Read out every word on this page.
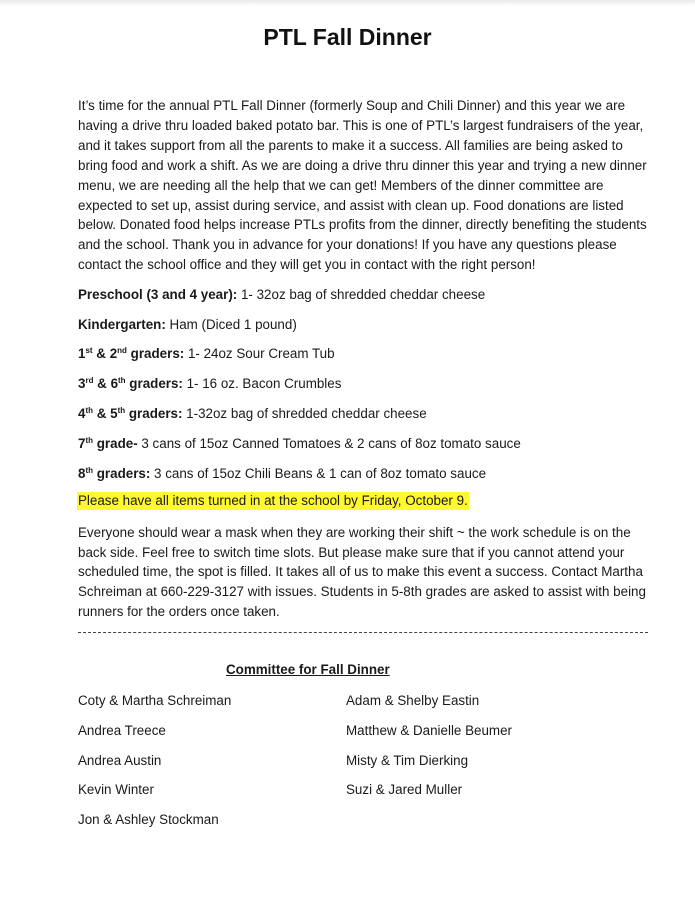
PTL Fall Dinner

It’s time for the annual PTL Fall Dinner (formerly Soup and Chili Dinner) and this year we are having a drive thru loaded baked potato bar. This is one of PTL’s largest fundraisers of the year, and it takes support from all the parents to make it a success. All families are being asked to bring food and work a shift. As we are doing a drive thru dinner this year and trying a new dinner menu, we are needing all the help that we can get! Members of the dinner committee are expected to set up, assist during service, and assist with clean up. Food donations are listed below. Donated food helps increase PTLs profits from the dinner, directly benefiting the students and the school. Thank you in advance for your donations! If you have any questions please contact the school office and they will get you in contact with the right person!

Preschool (3 and 4 year): 1- 32oz bag of shredded cheddar cheese
Kindergarten: Ham (Diced 1 pound)
1st & 2nd graders: 1- 24oz Sour Cream Tub
3rd & 6th graders: 1- 16 oz. Bacon Crumbles
4th & 5th graders: 1-32oz bag of shredded cheddar cheese
7th grade- 3 cans of 15oz Canned Tomatoes & 2 cans of 8oz tomato sauce
8th graders: 3 cans of 15oz Chili Beans & 1 can of 8oz tomato sauce
Please have all items turned in at the school by Friday, October 9.

Everyone should wear a mask when they are working their shift ~ the work schedule is on the back side. Feel free to switch time slots. But please make sure that if you cannot attend your scheduled time, the spot is filled. It takes all of us to make this event a success. Contact Martha Schreiman at 660-229-3127 with issues. Students in 5-8th grades are asked to assist with being runners for the orders once taken.

Committee for Fall Dinner
Coty & Martha Schreiman
Andrea Treece
Andrea Austin
Kevin Winter
Jon & Ashley Stockman
Adam & Shelby Eastin
Matthew & Danielle Beumer
Misty & Tim Dierking
Suzi & Jared Muller
